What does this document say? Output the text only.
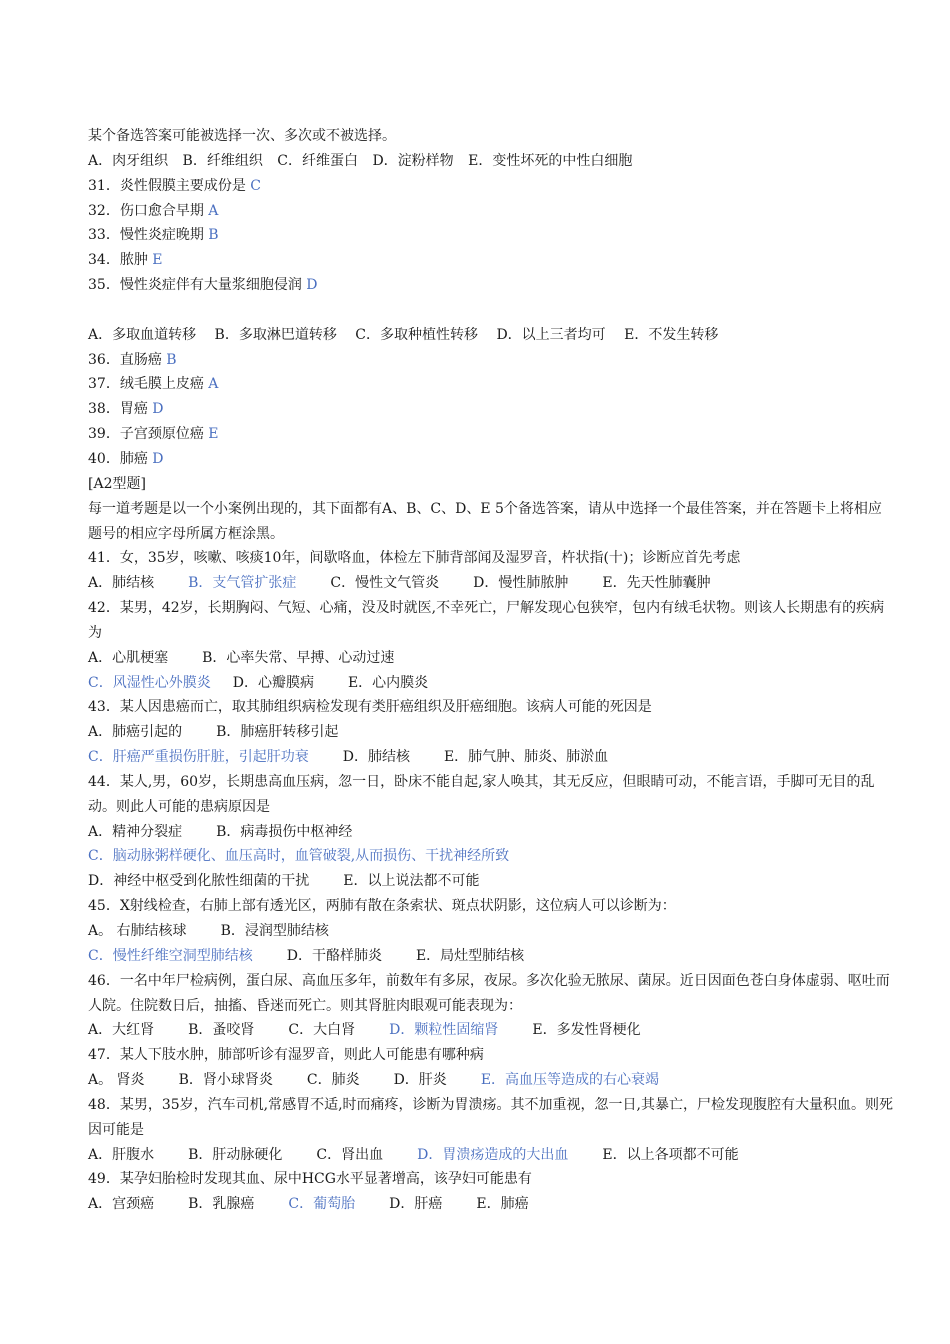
某个备选答案可能被选择一次、多次或不被选择。
A．肉牙组织 B．纤维组织 C．纤维蛋白 D．淀粉样物 E．变性坏死的中性白细胞
31．炎性假膜主要成份是 C
32．伤口愈合早期 A
33．慢性炎症晚期 B
34．脓肿 E
35．慢性炎症伴有大量浆细胞侵润 D
A．多取血道转移 B．多取淋巴道转移 C．多取种植性转移 D．以上三者均可 E．不发生转移
36．直肠癌 B
37．绒毛膜上皮癌 A
38．胃癌 D
39．子宫颈原位癌 E
40．肺癌 D
[A2型题]
每一道考题是以一个小案例出现的，其下面都有A、B、C、D、E 5个备选答案，请从中选择一个最佳答案，并在答题卡上将相应题号的相应字母所属方框涂黑。
41．女，35岁，咳嗽、咳痰10年，间歇咯血，体检左下肺背部闻及湿罗音，杵状指(十)；诊断应首先考虑
A．肺结核 B．支气管扩张症 C．慢性文气管炎 D．慢性肺脓肿 E．先天性肺囊肿
42．某男，42岁，长期胸闷、气短、心痛，没及时就医,不幸死亡，尸解发现心包狭窄，包内有绒毛状物。则该人长期患有的疾病为
A．心肌梗塞 B．心率失常、早搏、心动过速
C．风湿性心外膜炎 D．心瓣膜病 E．心内膜炎
43．某人因患癌而亡，取其肺组织病检发现有类肝癌组织及肝癌细胞。该病人可能的死因是
A．肺癌引起的 B．肺癌肝转移引起
C．肝癌严重损伤肝脏，引起肝功衰 D．肺结核 E．肺气肿、肺炎、肺淤血
44．某人,男，60岁，长期患高血压病，忽一日，卧床不能自起,家人唤其，其无反应，但眼睛可动，不能言语，手脚可无目的乱动。则此人可能的患病原因是
A．精神分裂症 B．病毒损伤中枢神经
C．脑动脉粥样硬化、血压高时，血管破裂,从而损伤、干扰神经所致
D．神经中枢受到化脓性细菌的干扰 E．以上说法都不可能
45．X射线检查，右肺上部有透光区，两肺有散在条索状、斑点状阴影，这位病人可以诊断为：
A。 右肺结核球 B．浸润型肺结核
C．慢性纤维空洞型肺结核 D．干酪样肺炎 E．局灶型肺结核
46．一名中年尸检病例，蛋白尿、高血压多年，前数年有多尿，夜尿。多次化验无脓尿、菌尿。近日因面色苍白身体虚弱、呕吐而人院。住院数日后，抽搐、昏迷而死亡。则其肾脏肉眼观可能表现为：
A．大红肾 B．蚤咬肾 C．大白肾 D．颗粒性固缩肾 E．多发性肾梗化
47．某人下肢水肿，肺部听诊有湿罗音，则此人可能患有哪种病
A。 肾炎 B．肾小球肾炎 C．肺炎 D．肝炎 E．高血压等造成的右心衰竭
48．某男，35岁，汽车司机,常感胃不适,时而痛疼，诊断为胃溃疡。其不加重视，忽一日,其暴亡，尸检发现腹腔有大量积血。则死因可能是
A．肝腹水 B．肝动脉硬化 C．肾出血 D．胃溃疡造成的大出血 E．以上各项都不可能
49．某孕妇胎检时发现其血、尿中HCG水平显著增高，该孕妇可能患有
A．宫颈癌 B．乳腺癌 C．葡萄胎 D．肝癌 E．肺癌
